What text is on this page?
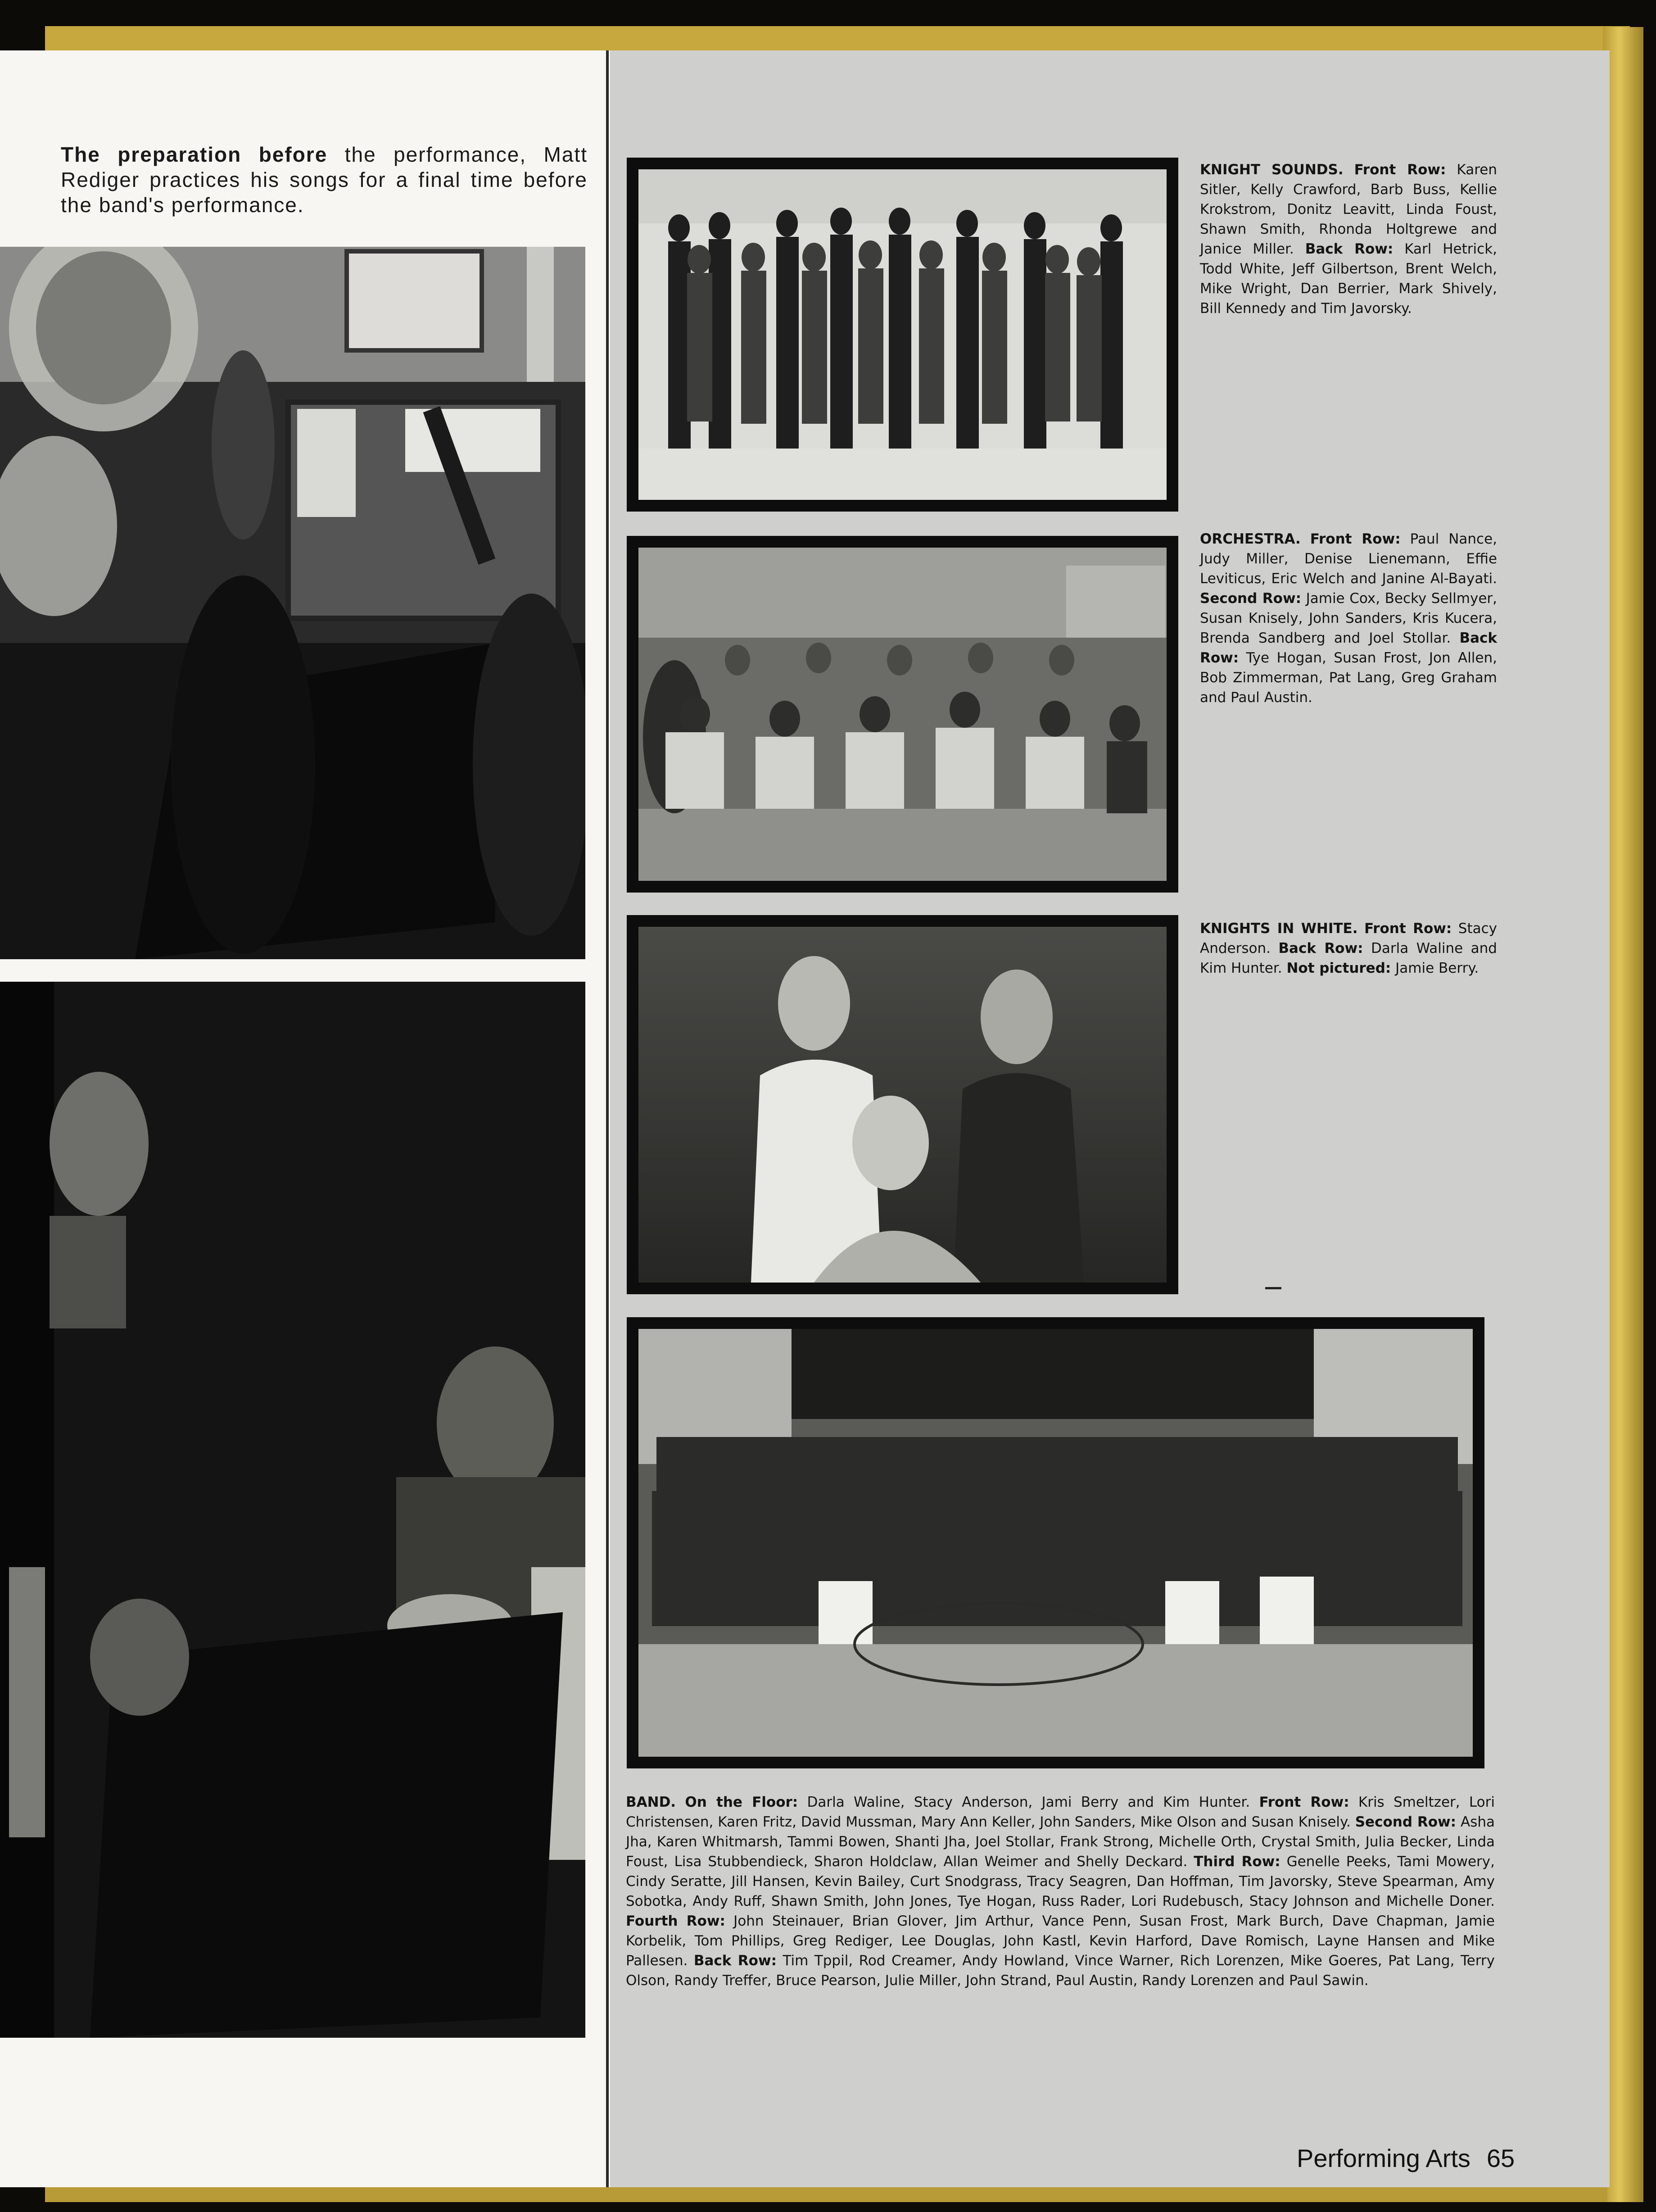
The preparation before the performance, Matt Rediger practices his songs for a final time before the band's performance.
KNIGHT SOUNDS. Front Row: Karen Sitler, Kelly Crawford, Barb Buss, Kellie Krokstrom, Donitz Leavitt, Linda Foust, Shawn Smith, Rhonda Holtgrewe and Janice Miller. Back Row: Karl Hetrick, Todd White, Jeff Gilbertson, Brent Welch, Mike Wright, Dan Berrier, Mark Shively, Bill Kennedy and Tim Javorsky.
ORCHESTRA. Front Row: Paul Nance, Judy Miller, Denise Lienemann, Effie Leviticus, Eric Welch and Janine Al-Bayati. Second Row: Jamie Cox, Becky Sellmyer, Susan Knisely, John Sanders, Kris Kucera, Brenda Sandberg and Joel Stollar. Back Row: Tye Hogan, Susan Frost, Jon Allen, Bob Zimmerman, Pat Lang, Greg Graham and Paul Austin.
KNIGHTS IN WHITE. Front Row: Stacy Anderson. Back Row: Darla Waline and Kim Hunter. Not pictured: Jamie Berry.
BAND. On the Floor: Darla Waline, Stacy Anderson, Jami Berry and Kim Hunter. Front Row: Kris Smeltzer, Lori Christensen, Karen Fritz, David Mussman, Mary Ann Keller, John Sanders, Mike Olson and Susan Knisely. Second Row: Asha Jha, Karen Whitmarsh, Tammi Bowen, Shanti Jha, Joel Stollar, Frank Strong, Michelle Orth, Crystal Smith, Julia Becker, Linda Foust, Lisa Stubbendieck, Sharon Holdclaw, Allan Weimer and Shelly Deckard. Third Row: Genelle Peeks, Tami Mowery, Cindy Seratte, Jill Hansen, Kevin Bailey, Curt Snodgrass, Tracy Seagren, Dan Hoffman, Tim Javorsky, Steve Spearman, Amy Sobotka, Andy Ruff, Shawn Smith, John Jones, Tye Hogan, Russ Rader, Lori Rudebusch, Stacy Johnson and Michelle Doner. Fourth Row: John Steinauer, Brian Glover, Jim Arthur, Vance Penn, Susan Frost, Mark Burch, Dave Chapman, Jamie Korbelik, Tom Phillips, Greg Rediger, Lee Douglas, John Kastl, Kevin Harford, Dave Romisch, Layne Hansen and Mike Pallesen. Back Row: Tim Tppil, Rod Creamer, Andy Howland, Vince Warner, Rich Lorenzen, Mike Goeres, Pat Lang, Terry Olson, Randy Treffer, Bruce Pearson, Julie Miller, John Strand, Paul Austin, Randy Lorenzen and Paul Sawin.
Performing Arts 65
